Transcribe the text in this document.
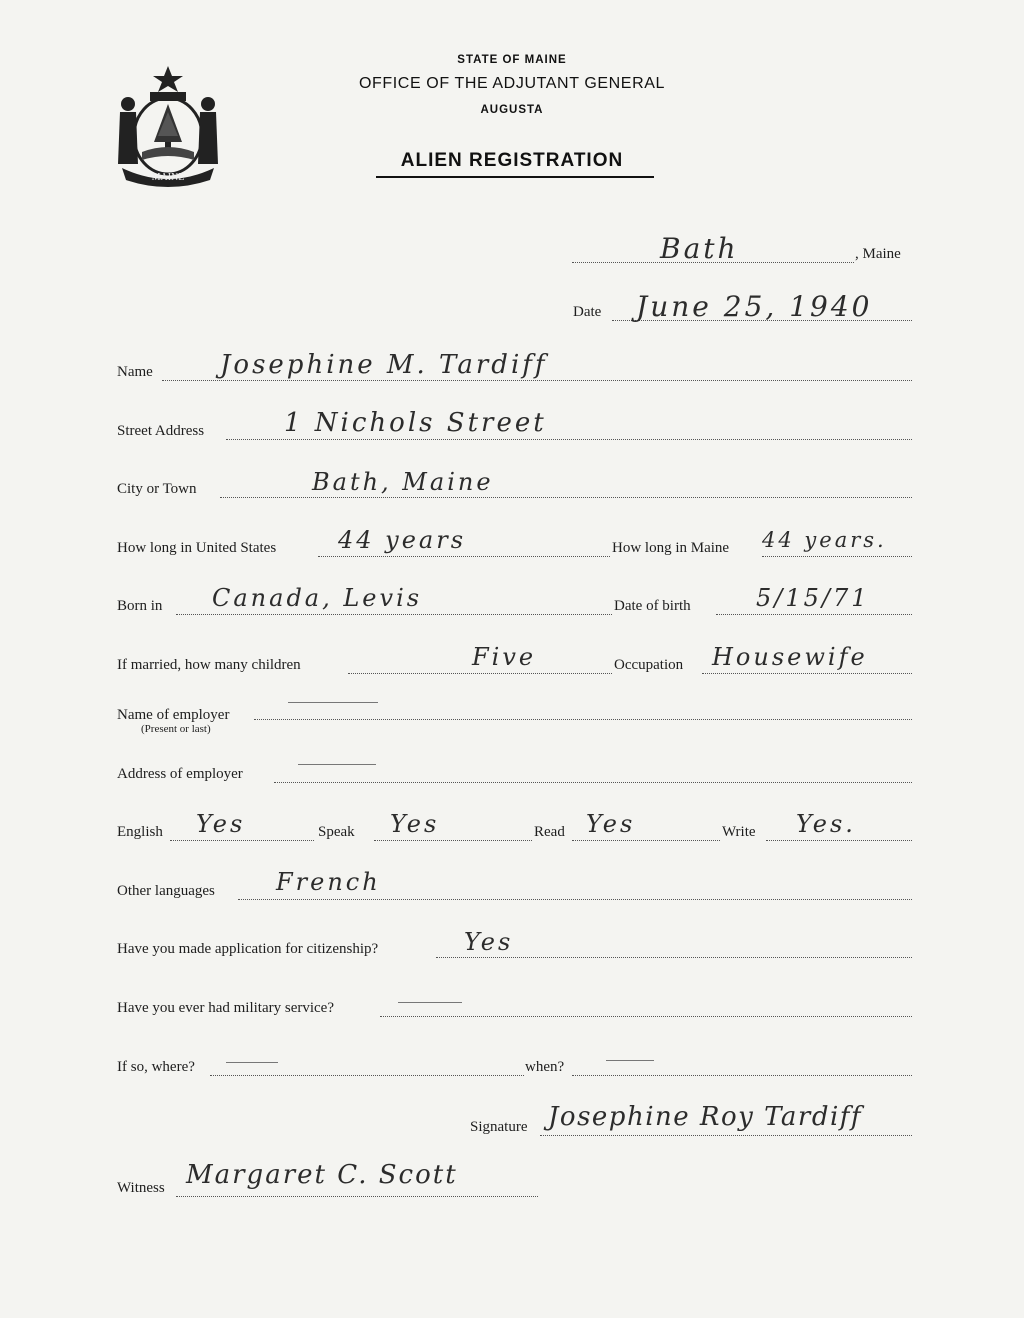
MAINE
STATE OF MAINE
OFFICE OF THE ADJUTANT GENERAL
AUGUSTA
ALIEN REGISTRATION
Bath	, Maine
Date June 25, 1940
Name	Josephine M. Tardiff
Street Address	1 Nichols Street
City or Town	Bath, Maine
How long in United States	44 years	How long in Maine 44 years.
Born in Canada, Levis	Date of birth	5/15/71
If married, how many children	Five	Occupation Housewife
Name of employer
(Present or last)
Address of employer
English Yes	Speak Yes	Read Yes	Write Yes.
Other languages	French
Have you made application for citizenship?	Yes
Have you ever had military service?
If so, where?	when?
Signature Josephine Roy Tardiff
Witness Margaret C. Scott
